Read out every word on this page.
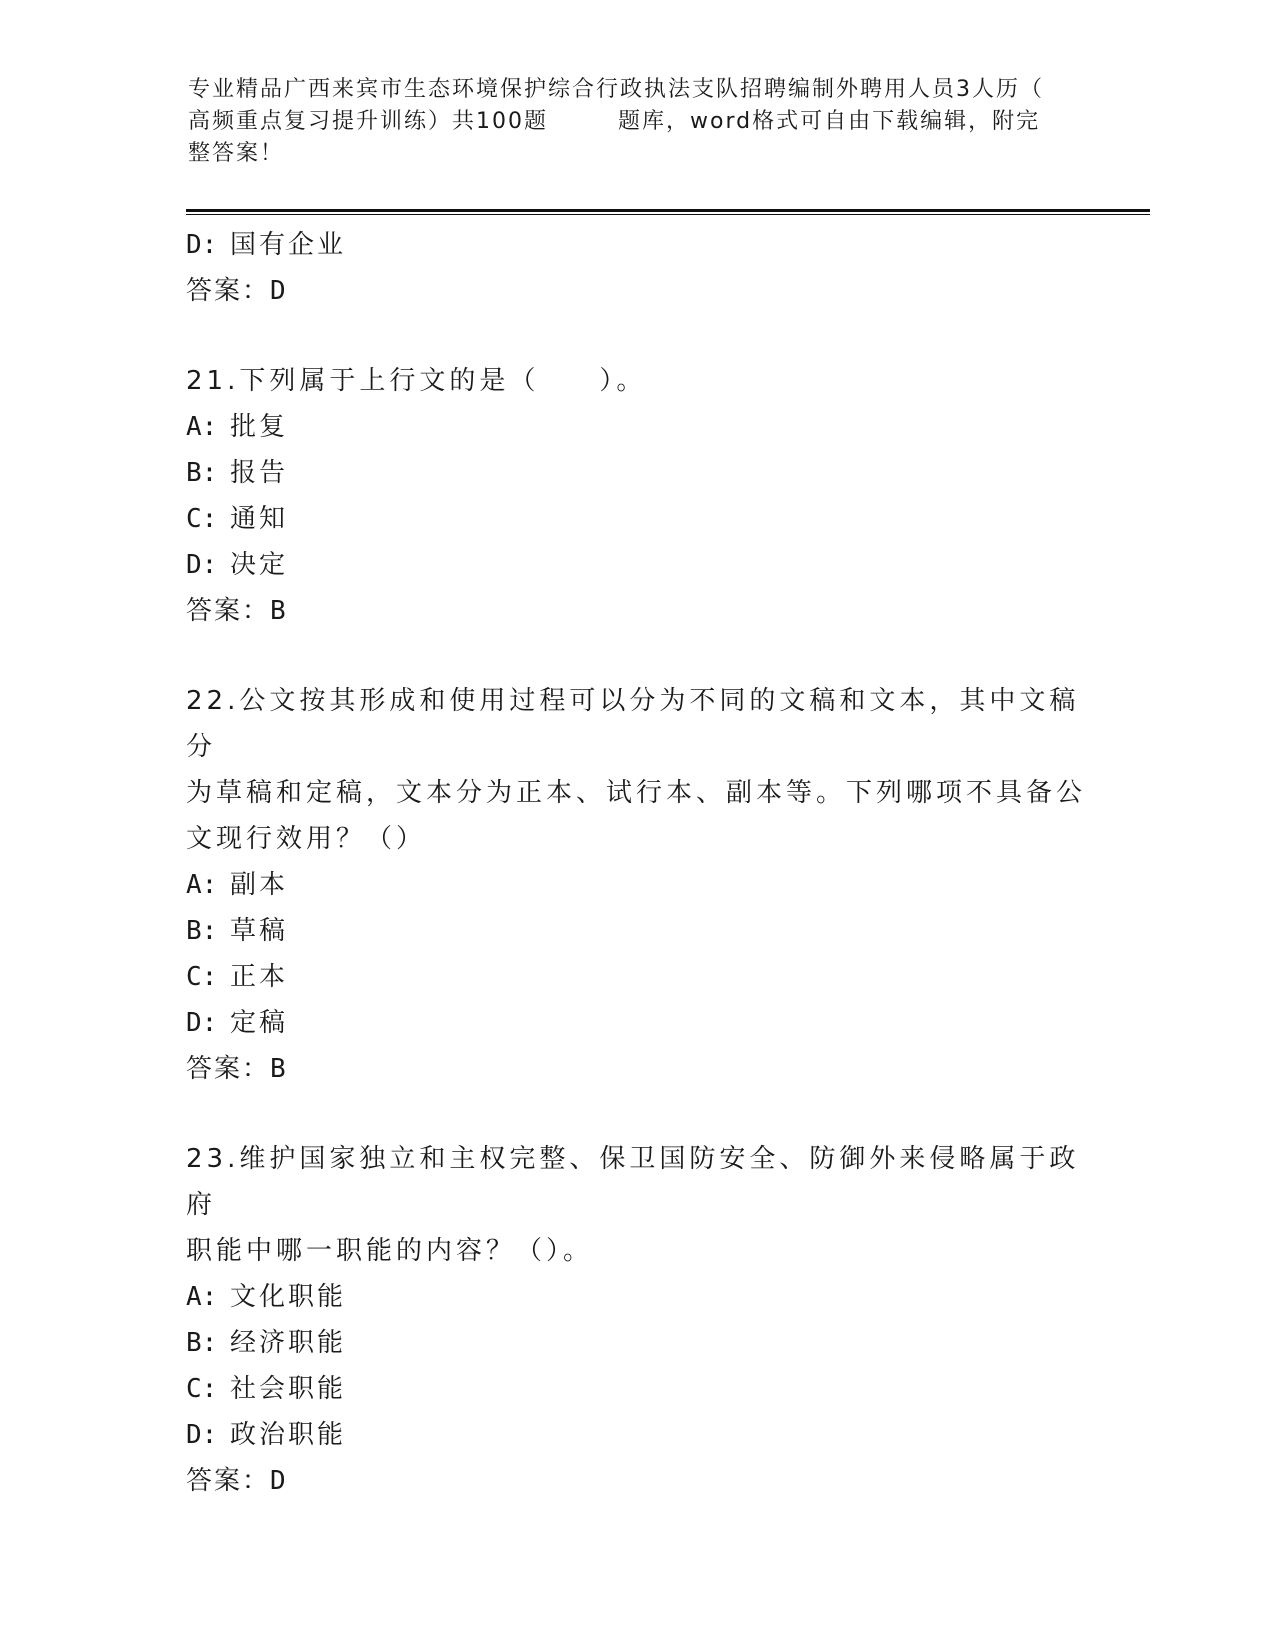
专业精品广西来宾市生态环境保护综合行政执法支队招聘编制外聘用人员3人历（
高频重点复习提升训练）共100题	题库，word格式可自由下载编辑，附完
整答案！
D: 国有企业
答案：D
21.下列属于上行文的是（　　）。
A: 批复
B: 报告
C: 通知
D: 决定
答案：B
22.公文按其形成和使用过程可以分为不同的文稿和文本，其中文稿分
为草稿和定稿，文本分为正本、试行本、副本等。下列哪项不具备公
文现行效用？（）
A: 副本
B: 草稿
C: 正本
D: 定稿
答案：B
23.维护国家独立和主权完整、保卫国防安全、防御外来侵略属于政府
职能中哪一职能的内容？（）。
A: 文化职能
B: 经济职能
C: 社会职能
D: 政治职能
答案：D
